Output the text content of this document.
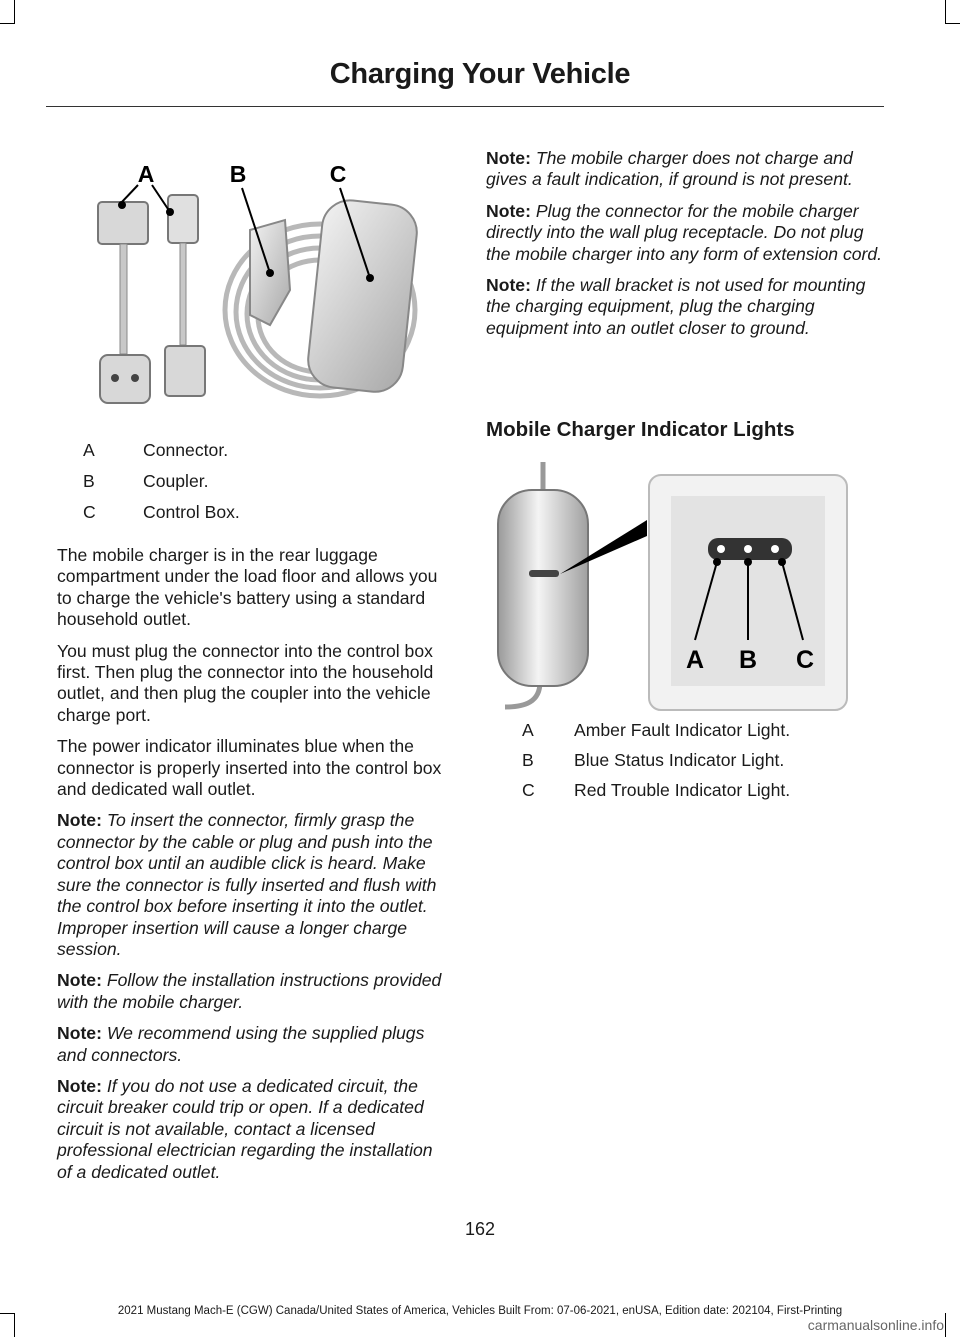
Charging Your Vehicle
A	B	C
A	Connector.
B	Coupler.
C	Control Box.

The mobile charger is in the rear luggage compartment under the load floor and allows you to charge the vehicle's battery using a standard household outlet.

You must plug the connector into the control box first. Then plug the connector into the household outlet, and then plug the coupler into the vehicle charge port.

The power indicator illuminates blue when the connector is properly inserted into the control box and dedicated wall outlet.

Note: To insert the connector, firmly grasp the connector by the cable or plug and push into the control box until an audible click is heard. Make sure the connector is fully inserted and flush with the control box before inserting it into the outlet. Improper insertion will cause a longer charge session.
Note: Follow the installation instructions provided with the mobile charger.
Note: We recommend using the supplied plugs and connectors.
Note: If you do not use a dedicated circuit, the circuit breaker could trip or open. If a dedicated circuit is not available, contact a licensed professional electrician regarding the installation of a dedicated outlet.
Note: The mobile charger does not charge and gives a fault indication, if ground is not present.
Note: Plug the connector for the mobile charger directly into the wall plug receptacle. Do not plug the mobile charger into any form of extension cord.
Note: If the wall bracket is not used for mounting the charging equipment, plug the charging equipment into an outlet closer to ground.
Mobile Charger Indicator Lights
A B C
A Amber Fault Indicator Light.
B Blue Status Indicator Light.
C Red Trouble Indicator Light.
162
2021 Mustang Mach-E (CGW) Canada/United States of America, Vehicles Built From: 07-06-2021, enUSA, Edition date: 202104, First-Printing
carmanualsonline.info
